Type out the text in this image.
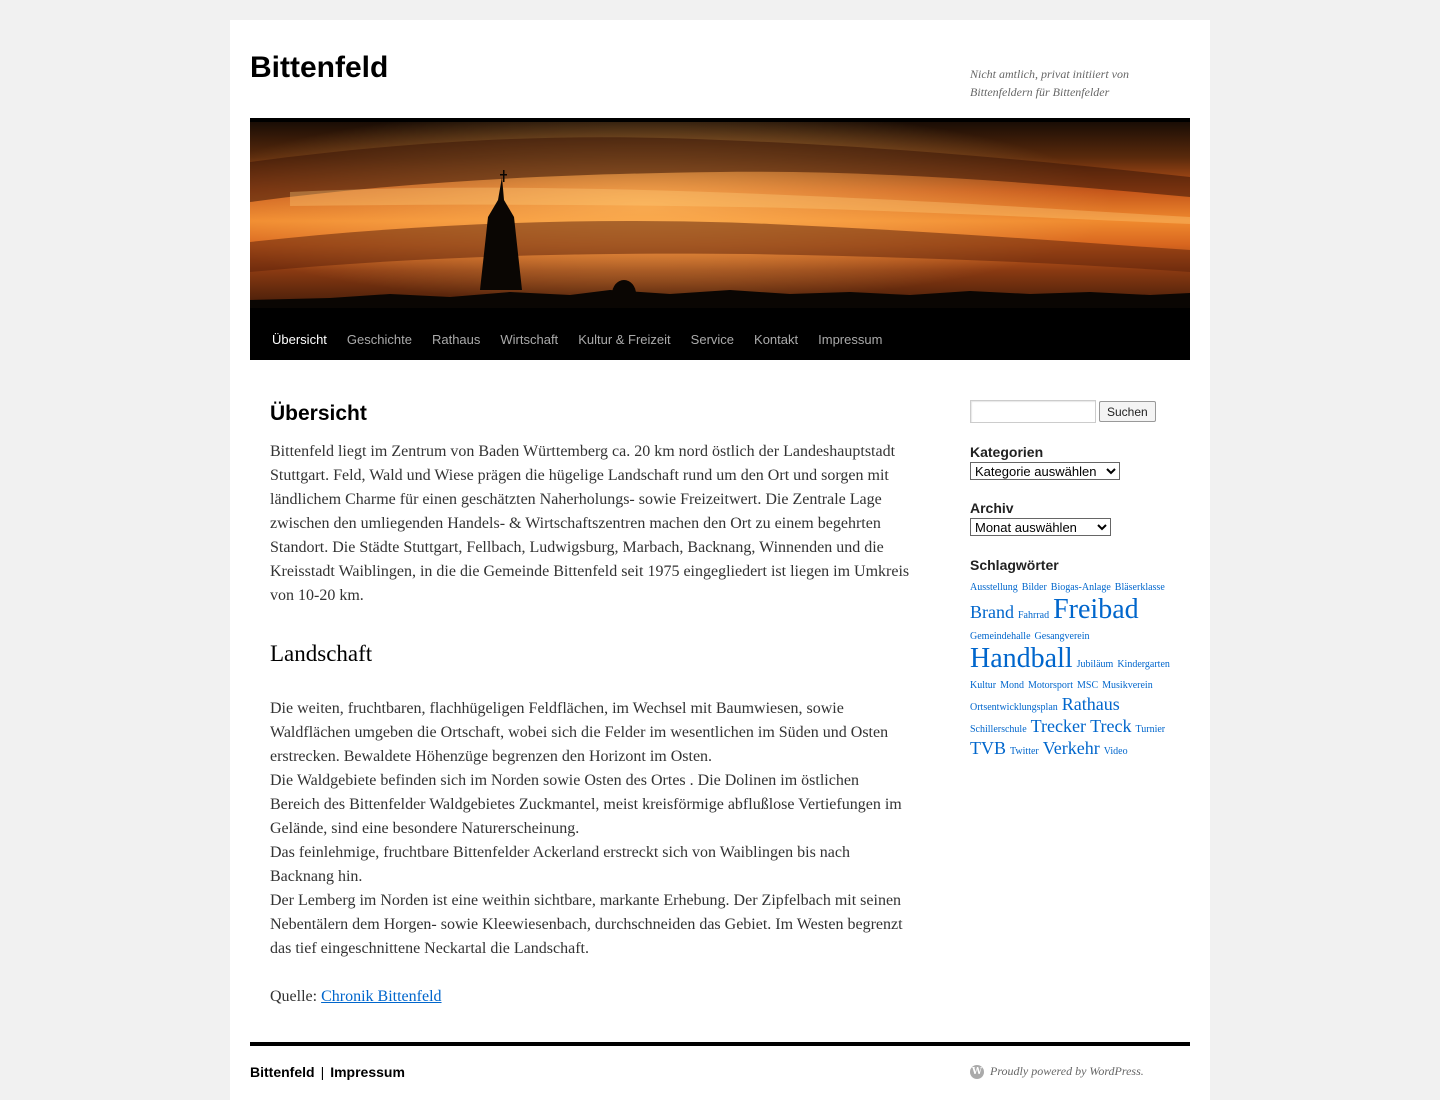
Bittenfeld	Nicht amtlich, privat initiiert von Bittenfeldern für Bittenfelder
Übersicht	Geschichte	Rathaus	Wirtschaft	Kultur & Freizeit	Service	Kontakt	Impressum
Übersicht

Bittenfeld liegt im Zentrum von Baden Württemberg ca. 20 km nord östlich der Landeshauptstadt Stuttgart. Feld, Wald und Wiese prägen die hügelige Landschaft rund um den Ort und sorgen mit ländlichem Charme für einen geschätzten Naherholungs- sowie Freizeitwert. Die Zentrale Lage zwischen den umliegenden Handels- & Wirtschaftszentren machen den Ort zu einem begehrten Standort. Die Städte Stuttgart, Fellbach, Ludwigsburg, Marbach, Backnang, Winnenden und die Kreisstadt Waiblingen, in die die Gemeinde Bittenfeld seit 1975 eingegliedert ist liegen im Umkreis von 10-20 km.

Landschaft

Die weiten, fruchtbaren, flachhügeligen Feldflächen, im Wechsel mit Baumwiesen, sowie Waldflächen umgeben die Ortschaft, wobei sich die Felder im wesentlichen im Süden und Osten erstrecken. Bewaldete Höhenzüge begrenzen den Horizont im Osten.

Die Waldgebiete befinden sich im Norden sowie Osten des Ortes . Die Dolinen im östlichen Bereich des Bittenfelder Waldgebietes Zuckmantel, meist kreisförmige abflußlose Vertiefungen im Gelände, sind eine besondere Naturerscheinung.

Das feinlehmige, fruchtbare Bittenfelder Ackerland erstreckt sich von Waiblingen bis nach Backnang hin.

Der Lemberg im Norden ist eine weithin sichtbare, markante Erhebung. Der Zipfelbach mit seinen Nebentälern dem Horgen- sowie Kleewiesenbach, durchschneiden das Gebiet. Im Westen begrenzt das tief eingeschnittene Neckartal die Landschaft.

Quelle: Chronik Bittenfeld

Suchen
Kategorien
Kategorie auswählen
Archiv
Monat auswählen
Schlagwörter
Ausstellung Bilder Biogas-Anlage Bläserklasse Brand Fahrrad Freibad Gemeindehalle Gesangverein Handball Jubiläum Kindergarten Kultur Mond Motorsport MSC Musikverein Ortsentwicklungsplan Rathaus Schillerschule Trecker Treck Turnier TVB Twitter Verkehr Video
Bittenfeld | Impressum	W Proudly powered by WordPress.
